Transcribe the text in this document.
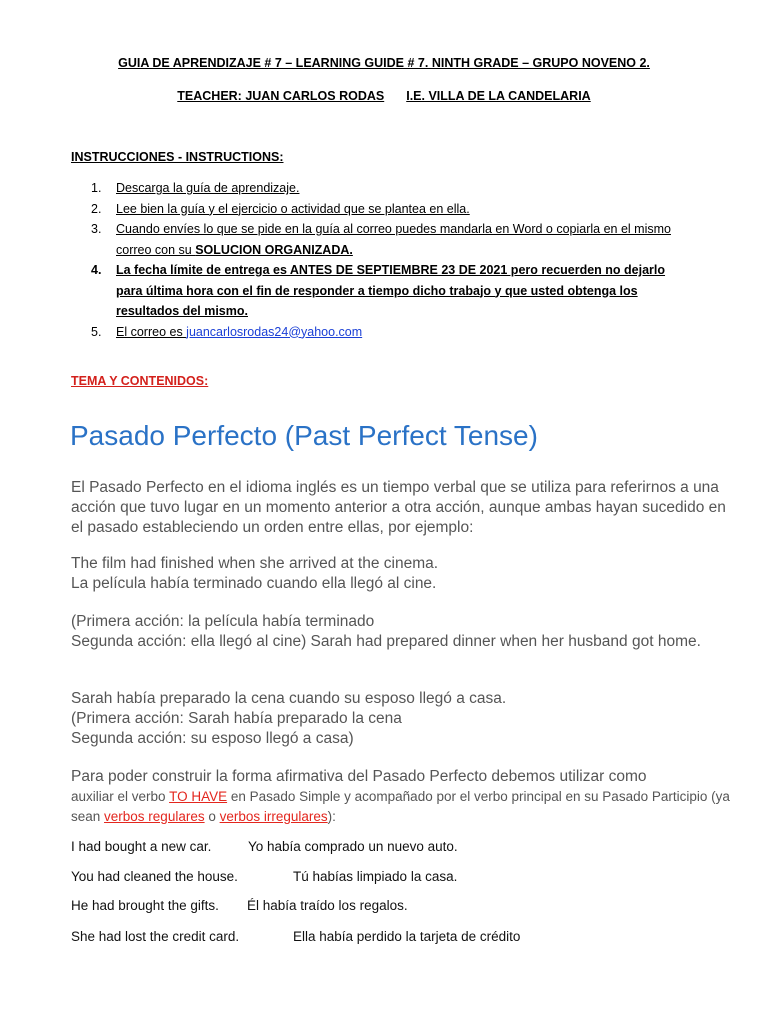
GUIA DE APRENDIZAJE # 7 – LEARNING GUIDE # 7. NINTH GRADE – GRUPO NOVENO 2.
TEACHER: JUAN CARLOS RODAS I.E. VILLA DE LA CANDELARIA
INSTRUCCIONES - INSTRUCTIONS:
1. Descarga la guía de aprendizaje.
2. Lee bien la guía y el ejercicio o actividad que se plantea en ella.
3. Cuando envíes lo que se pide en la guía al correo puedes mandarla en Word o copiarla en el mismo correo con su SOLUCION ORGANIZADA.
4. La fecha límite de entrega es ANTES DE SEPTIEMBRE 23 DE 2021 pero recuerden no dejarlo para última hora con el fin de responder a tiempo dicho trabajo y que usted obtenga los resultados del mismo.
5. El correo es juancarlosrodas24@yahoo.com
TEMA Y CONTENIDOS:
Pasado Perfecto (Past Perfect Tense)

El Pasado Perfecto en el idioma inglés es un tiempo verbal que se utiliza para referirnos a una acción que tuvo lugar en un momento anterior a otra acción, aunque ambas hayan sucedido en el pasado estableciendo un orden entre ellas, por ejemplo:

The film had finished when she arrived at the cinema.
La película había terminado cuando ella llegó al cine.

(Primera acción: la película había terminado
Segunda acción: ella llegó al cine) Sarah had prepared dinner when her husband got home.

Sarah había preparado la cena cuando su esposo llegó a casa.
(Primera acción: Sarah había preparado la cena
Segunda acción: su esposo llegó a casa)

Para poder construir la forma afirmativa del Pasado Perfecto debemos utilizar como
auxiliar el verbo TO HAVE en Pasado Simple y acompañado por el verbo principal en su Pasado Participio (ya sean verbos regulares o verbos irregulares):

I had bought a new car.	Yo había comprado un nuevo auto.
You had cleaned the house.	Tú habías limpiado la casa.
He had brought the gifts. Él había traído los regalos.
She had lost the credit card.	Ella había perdido la tarjeta de crédito
